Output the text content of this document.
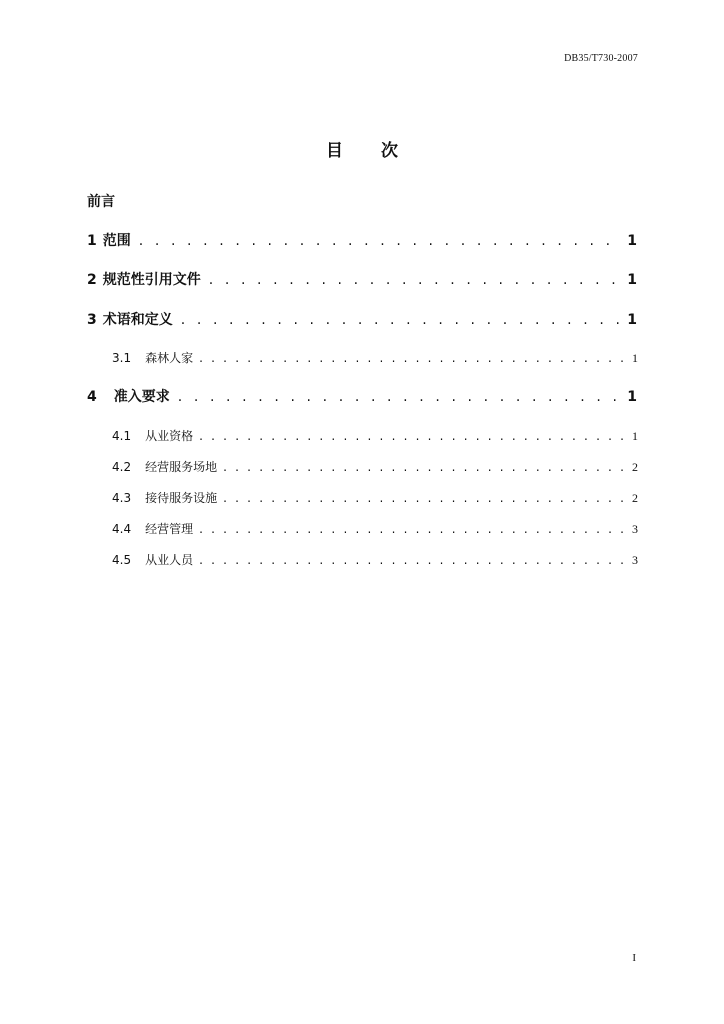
DB35/T730-2007
目 次
前言
1 范围 . . .	1
2 规范性引用文件 . . .	1
3 术语和定义 . . .	1
3.1 森林人家 . . .	1
4 准入要求 . . .	1
4.1 从业资格 . . .	1
4.2 经营服务场地 . . .	2
4.3 接待服务设施 . . .	2
4.4 经营管理 . . .	3
4.5 从业人员 . . .	3
I
